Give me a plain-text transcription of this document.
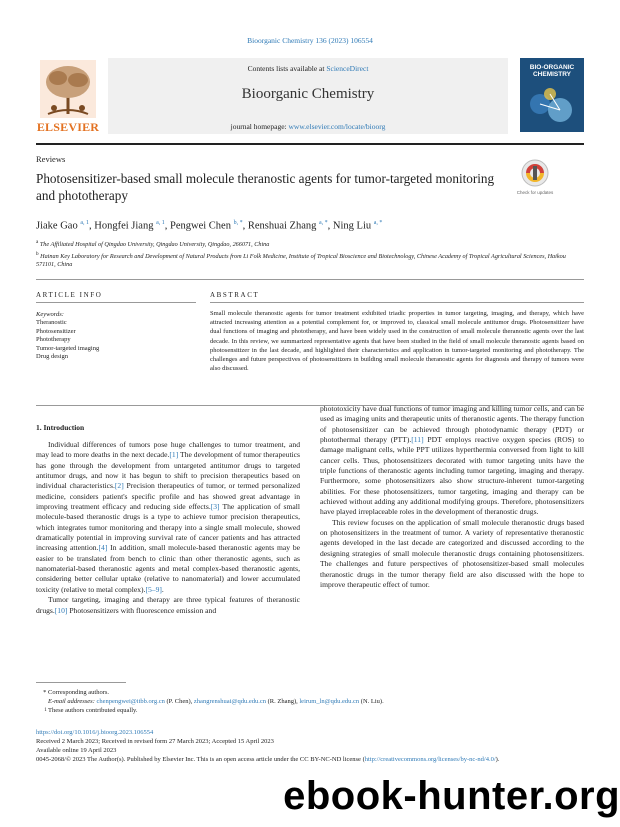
Bioorganic Chemistry 136 (2023) 106554
ELSEVIER
Contents lists available at ScienceDirect
Bioorganic Chemistry
journal homepage: www.elsevier.com/locate/bioorg
BIO-ORGANIC CHEMISTRY
Reviews
Photosensitizer-based small molecule theranostic agents for tumor-targeted monitoring and phototherapy	Check for updates
Jiake Gao $^{a, 1}$, Hongfei Jiang $^{a, 1}$, Pengwei Chen $^{b, *}$, Renshuai Zhang $^{a, *}$, Ning Liu $^{a, *}$
$^a$ The Affiliated Hospital of Qingdao University, Qingdao University, Qingdao, 266071, China
$^b$ Hainan Key Laboratory for Research and Development of Natural Products from Li Folk Medicine, Institute of Tropical Bioscience and Biotechnology, Chinese Academy of Tropical Agricultural Sciences, Haikou 571101, China
ARTICLE INFO	ABSTRACT
Keywords:
Theranostic
Photosensitizer
Phototherapy
Tumor-targeted imaging
Drug design
Small molecule theranostic agents for tumor treatment exhibited triadic properties in tumor targeting, imaging, and therapy, which have attracted increasing attention as a potential complement for, or improved to, classical small molecule antitumor drugs. Photosensitizer have dual functions of imaging and phototherapy, and have been widely used in the construction of small molecule theranostic agents over the last decade. In this review, we summarized representative agents that have been studied in the field of small molecule theranostic agents based on photosensitizer in the last decade, and highlighted their characteristics and application in tumor-targeted monitoring and phototherapy. The challenges and future perspectives of photosensitizers in building small molecule theranostic agents for diagnosis and therapy of tumors were also discussed.
1. Introduction

Individual differences of tumors pose huge challenges to tumor treatment, and may lead to more deaths in the next decade.[1] The development of tumor therapeutics has gone through the development from untargeted antitumor drugs to targeted antitumor drugs, and now it has begun to shift to precision therapeutics based on individual characteristics.[2] Precision therapeutics of tumor, or termed personalized medicine, considers patient's specific profile and has showed great advantage in improving treatment efficacy and reducing side effects.[3] The application of small molecule-based theranostic drugs is a type to achieve tumor precision therapeutics, which integrates tumor monitoring and therapy into a single small molecule, showed dramatically potential in improving survival rate of cancer patients and has attracted increasing attention.[4] In addition, small molecule-based theranostic agents may be easier to be translated from bench to clinic than other theranostic agents, such as nanomaterial-based theranostic agents and metal complex-based theranostic agents, considering better cellular uptake (relative to nanomaterial) and lower accumulated toxicity (relative to metal complex).[5–9].

Tumor targeting, imaging and therapy are three typical features of theranostic drugs.[10] Photosensitizers with fluorescence emission and

phototoxicity have dual functions of tumor imaging and killing tumor cells, and can be used as imaging units and therapeutic units of theranostic agents. The therapy function of photosensitizer can be achieved through photodynamic therapy (PDT) or photothermal therapy (PTT).[11] PDT employs reactive oxygen species (ROS) to damage malignant cells, while PPT utilizes hyperthermia conversed from light to kill cancer cells. Thus, photosensitizers decorated with tumor targeting units have the triple functions of theranostic agents including tumor targeting, imaging and therapy. Furthermore, some photosensitizers also show structure-inherent tumor-targeting abilities. For these photosensitizers, tumor targeting, imaging and therapy can be achieved without adding any additional modifying groups. Therefore, photosensitizers have played irreplaceable roles in the development of theranostic drugs.

This review focuses on the application of small molecule theranostic drugs based on photosensitizers in the treatment of tumor. A variety of representative theranostic agents developed in the last decade are categorized and discussed according to the designing strategies of small molecule theranostic drugs containing photosensitizers. The challenges and future perspectives of photosensitizer-based small molecules theranostic drugs in the tumor therapy field are also discussed with the hope to improve therapeutic effect of tumor.

* Corresponding authors.
E-mail addresses: chenpengwei@itbb.org.cn (P. Chen), zhangrenshuai@qdu.edu.cn (R. Zhang), leirum_ln@qdu.edu.cn (N. Liu).
1 These authors contributed equally.
https://doi.org/10.1016/j.bioorg.2023.106554
Received 2 March 2023; Received in revised form 27 March 2023; Accepted 15 April 2023
Available online 19 April 2023
0045-2068/© 2023 The Author(s). Published by Elsevier Inc. This is an open access article under the CC BY-NC-ND license (http://creativecommons.org/licenses/by-nc-nd/4.0/).
ebook-hunter.org
